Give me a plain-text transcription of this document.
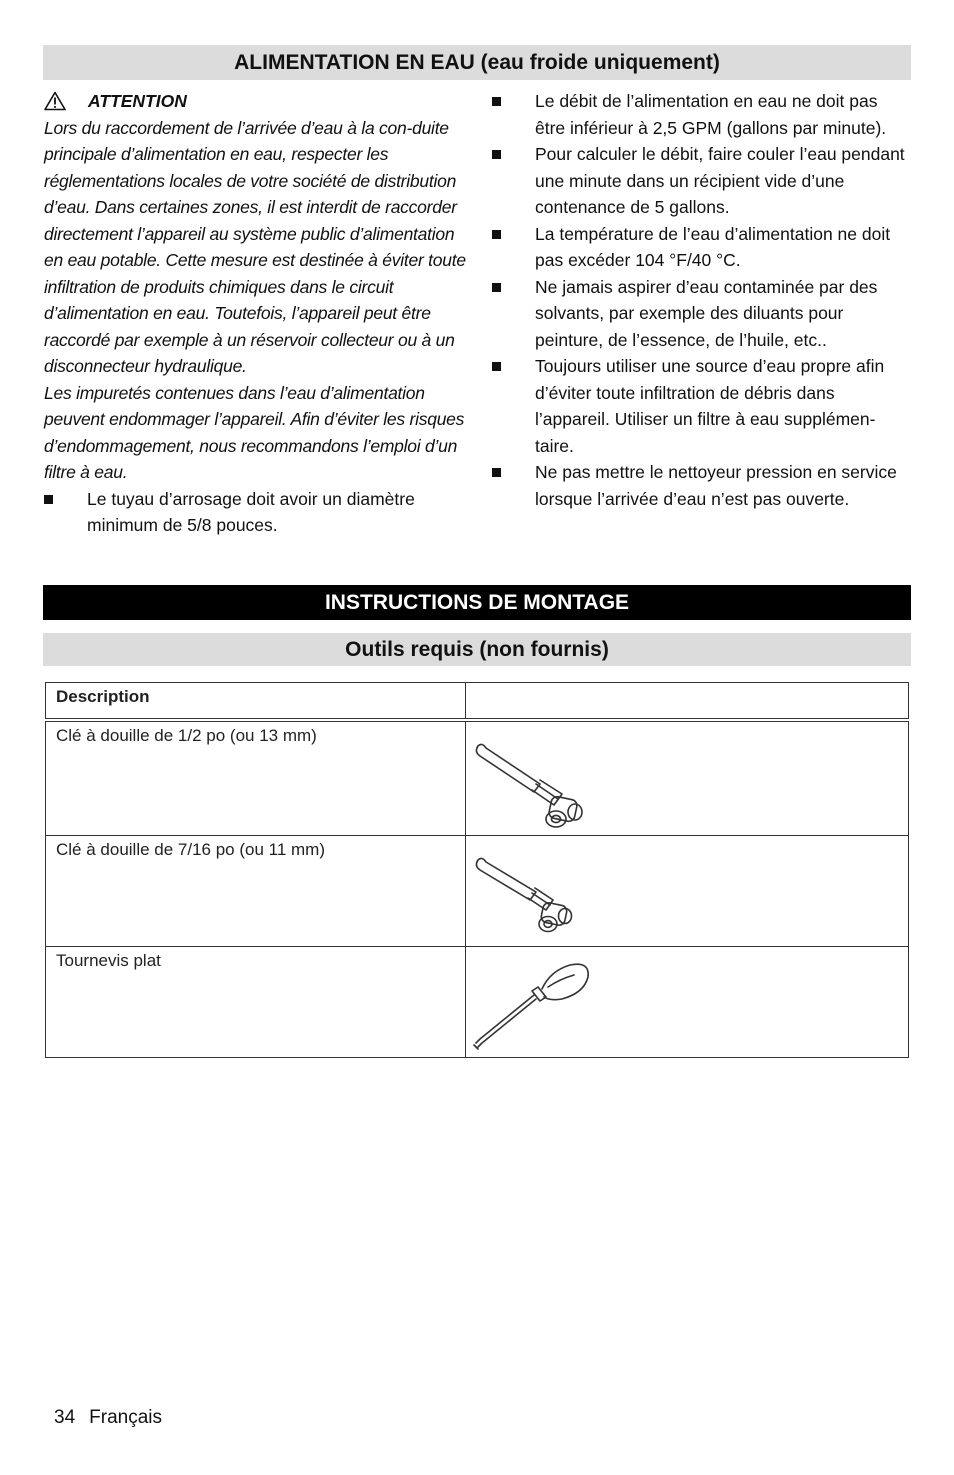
ALIMENTATION EN EAU (eau froide uniquement)
ATTENTION
Lors du raccordement de l’arrivée d’eau à la con-duite principale d’alimentation en eau, respecter les réglementations locales de votre société de distribution d’eau. Dans certaines zones, il est interdit de raccorder directement l’appareil au système public d’alimentation en eau potable. Cette mesure est destinée à éviter toute infiltration de produits chimiques dans le circuit d’alimentation en eau. Toutefois, l’appareil peut être raccordé par exemple à un réservoir collecteur ou à un disconnecteur hydraulique.
Les impuretés contenues dans l’eau d’alimentation peuvent endommager l’appareil. Afin d’éviter les risques d’endommagement, nous recommandons l’emploi d’un filtre à eau.
Le tuyau d’arrosage doit avoir un diamètre minimum de 5/8 pouces.
Le débit de l’alimentation en eau ne doit pas être inférieur à 2,5 GPM (gallons par minute).
Pour calculer le débit, faire couler l’eau pendant une minute dans un récipient vide d’une contenance de 5 gallons.
La température de l’eau d’alimentation ne doit pas excéder 104 °F/40 °C.
Ne jamais aspirer d’eau contaminée par des solvants, par exemple des diluants pour peinture, de l’essence, de l’huile, etc..
Toujours utiliser une source d’eau propre afin d’éviter toute infiltration de débris dans l’appareil. Utiliser un filtre à eau supplémen-taire.
Ne pas mettre le nettoyeur pression en service lorsque l’arrivée d’eau n’est pas ouverte.
INSTRUCTIONS DE MONTAGE
Outils requis (non fournis)
Description	
Clé à douille de 1/2 po (ou 13 mm)	

Clé à douille de 7/16 po (ou 11 mm)	

Tournevis plat	
34 Français
